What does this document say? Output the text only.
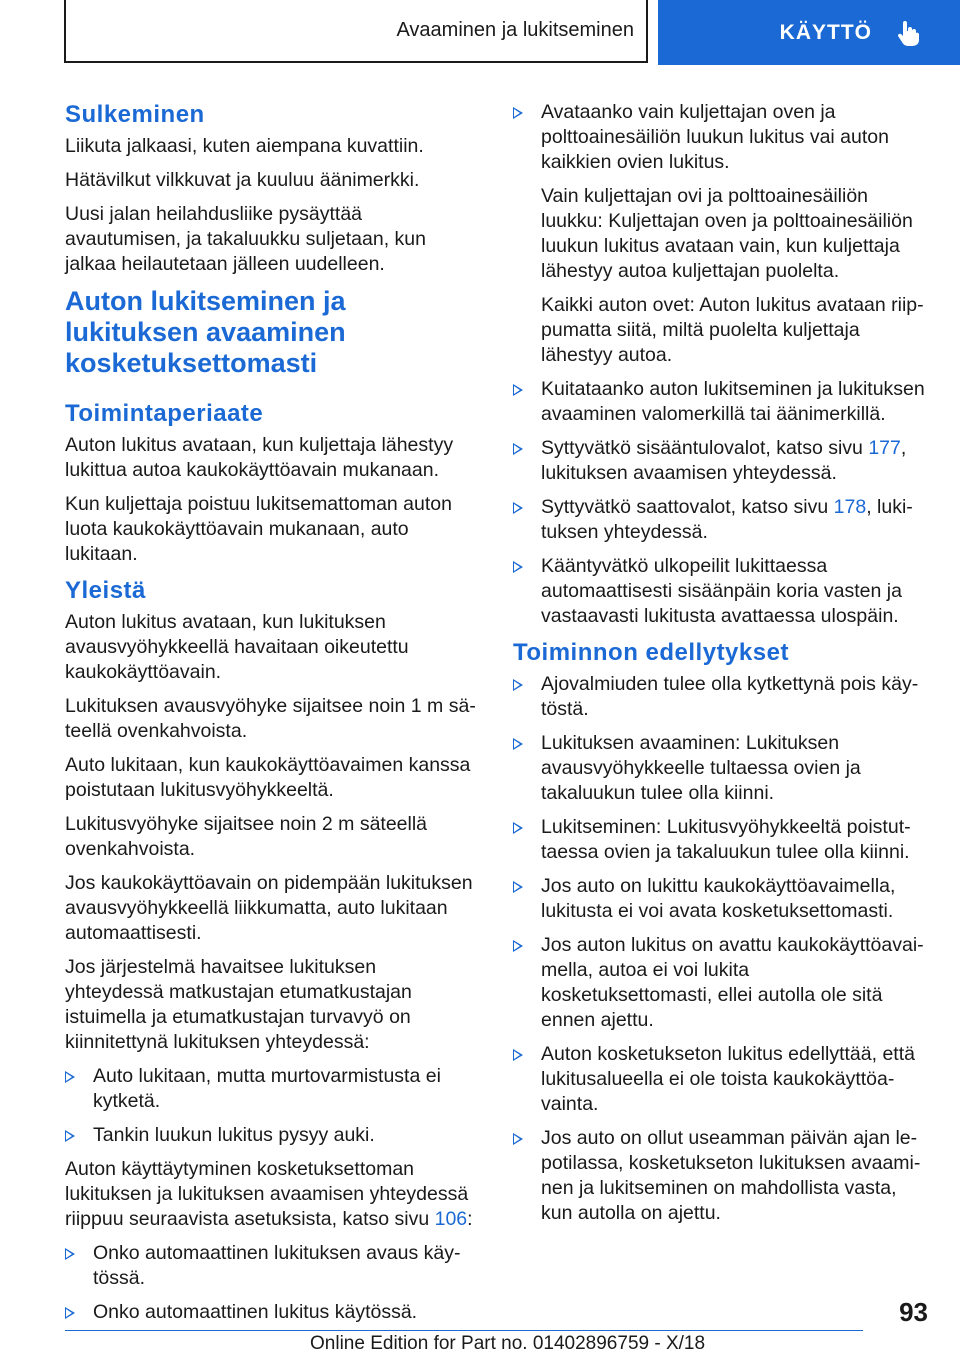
Avaaminen ja lukitseminen	KÄYTTÖ
Sulkeminen

Liikuta jalkaasi, kuten aiempana kuvattiin.

Hätävilkut vilkkuvat ja kuuluu äänimerkki.

Uusi jalan heilahdusliike pysäyttää avautumisen, ja takaluukku suljetaan, kun jalkaa heilautetaan jälleen uudelleen.

Auton lukitseminen ja lukituksen avaaminen kosketuksettomasti
Toimintaperiaate

Auton lukitus avataan, kun kuljettaja lähestyy lukittua autoa kaukokäyttöavain mukanaan.

Kun kuljettaja poistuu lukitsemattoman auton luota kaukokäyttöavain mukanaan, auto lukitaan.

Yleistä

Auton lukitus avataan, kun lukituksen avausvyöhykkeellä havaitaan oikeutettu kaukokäyttöavain.

Lukituksen avausvyöhyke sijaitsee noin 1 m säteellä ovenkahvoista.

Auto lukitaan, kun kaukokäyttöavaimen kanssa poistutaan lukitusvyöhykkeeltä.

Lukitusvyöhyke sijaitsee noin 2 m säteellä ovenkahvoista.

Jos kaukokäyttöavain on pidempään lukituksen avausvyöhykkeellä liikkumatta, auto lukitaan automaattisesti.

Jos järjestelmä havaitsee lukituksen yhteydessä matkustajan etumatkustajan istuimella ja etumatkustajan turvavyö on kiinnitettynä lukituksen yhteydessä:

Auto lukitaan, mutta murtovarmistusta ei kytketä.
Tankin luukun lukitus pysyy auki.

Auton käyttäytyminen kosketuksettoman lukituksen ja lukituksen avaamisen yhteydessä riippuu seuraavista asetuksista, katso sivu 106:

Onko automaattinen lukituksen avaus käytössä.
Onko automaattinen lukitus käytössä.
Avataanko vain kuljettajan oven ja polttoainesäiliön luukun lukitus vai auton kaikkien ovien lukitus.
Vain kuljettajan ovi ja polttoainesäiliön luukku: Kuljettajan oven ja polttoainesäiliön luukun lukitus avataan vain, kun kuljettaja lähestyy autoa kuljettajan puolelta.
Kaikki auton ovet: Auton lukitus avataan riippumatta siitä, miltä puolelta kuljettaja lähestyy autoa.
Kuitataanko auton lukitseminen ja lukituksen avaaminen valomerkillä tai äänimerkillä.
Syttyvätkö sisääntulovalot, katso sivu 177, lukituksen avaamisen yhteydessä.
Syttyvätkö saattovalot, katso sivu 178, lukituksen yhteydessä.
Kääntyvätkö ulkopeilit lukittaessa automaattisesti sisäänpäin koria vasten ja vastaavasti lukitusta avattaessa ulospäin.
Toiminnon edellytykset
Ajovalmiuden tulee olla kytkettynä pois käytöstä.
Lukituksen avaaminen: Lukituksen avausvyöhykkeelle tultaessa ovien ja takaluukun tulee olla kiinni.
Lukitseminen: Lukitusvyöhykkeeltä poistuttaessa ovien ja takaluukun tulee olla kiinni.
Jos auto on lukittu kaukokäyttöavaimella, lukitusta ei voi avata kosketuksettomasti.
Jos auton lukitus on avattu kaukokäyttöavaimella, autoa ei voi lukita kosketuksettomasti, ellei autolla ole sitä ennen ajettu.
Auton kosketukseton lukitus edellyttää, että lukitusalueella ei ole toista kaukokäyttöavainta.
Jos auto on ollut useamman päivän ajan lepotilassa, kosketukseton lukituksen avaaminen ja lukitseminen on mahdollista vasta, kun autolla on ajettu.
93
Online Edition for Part no. 01402896759 - X/18
